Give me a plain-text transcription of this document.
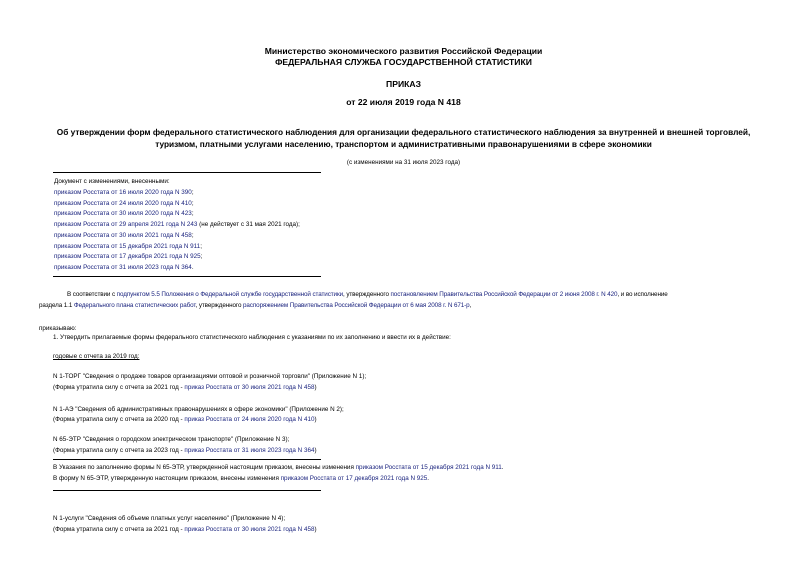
Министерство экономического развития Российской Федерации
ФЕДЕРАЛЬНАЯ СЛУЖБА ГОСУДАРСТВЕННОЙ СТАТИСТИКИ
ПРИКАЗ
от 22 июля 2019 года N 418
Об утверждении форм федерального статистического наблюдения для организации федерального статистического наблюдения за внутренней и внешней торговлей, туризмом, платными услугами населению, транспортом и административными правонарушениями в сфере экономики
(с изменениями на 31 июля 2023 года)
Документ с изменениями, внесенными:
приказом Росстата от 16 июля 2020 года N 390;
приказом Росстата от 24 июля 2020 года N 410;
приказом Росстата от 30 июля 2020 года N 423;
приказом Росстата от 29 апреля 2021 года N 243 (не действует с 31 мая 2021 года);
приказом Росстата от 30 июля 2021 года N 458;
приказом Росстата от 15 декабря 2021 года N 911;
приказом Росстата от 17 декабря 2021 года N 925;
приказом Росстата от 31 июля 2023 года N 364.
В соответствии с подпунктом 5.5 Положения о Федеральной службе государственной статистики, утвержденного постановлением Правительства Российской Федерации от 2 июня 2008 г. N 420, и во исполнение
раздела 1.1 Федерального плана статистических работ, утвержденного распоряжением Правительства Российской Федерации от 6 мая 2008 г. N 671-р,
приказываю:
1. Утвердить прилагаемые формы федерального статистического наблюдения с указаниями по их заполнению и ввести их в действие:
годовые с отчета за 2019 год:
N 1-ТОРГ "Сведения о продаже товаров организациями оптовой и розничной торговли" (Приложение N 1);
(Форма утратила силу с отчета за 2021 год - приказ Росстата от 30 июля 2021 года N 458)
N 1-АЭ "Сведения об административных правонарушениях в сфере экономики" (Приложение N 2);
(Форма утратила силу с отчета за 2020 год - приказ Росстата от 24 июля 2020 года N 410)
N 65-ЭТР "Сведения о городском электрическом транспорте" (Приложение N 3);
(Форма утратила силу с отчета за 2023 год - приказ Росстата от 31 июля 2023 года N 364)
В Указания по заполнению формы N 65-ЭТР, утвержденной настоящим приказом, внесены изменения приказом Росстата от 15 декабря 2021 года N 911.
В форму N 65-ЭТР, утвержденную настоящим приказом, внесены изменения приказом Росстата от 17 декабря 2021 года N 925.
N 1-услуги "Сведения об объеме платных услуг населению" (Приложение N 4);
(Форма утратила силу с отчета за 2021 год - приказ Росстата от 30 июля 2021 года N 458)
